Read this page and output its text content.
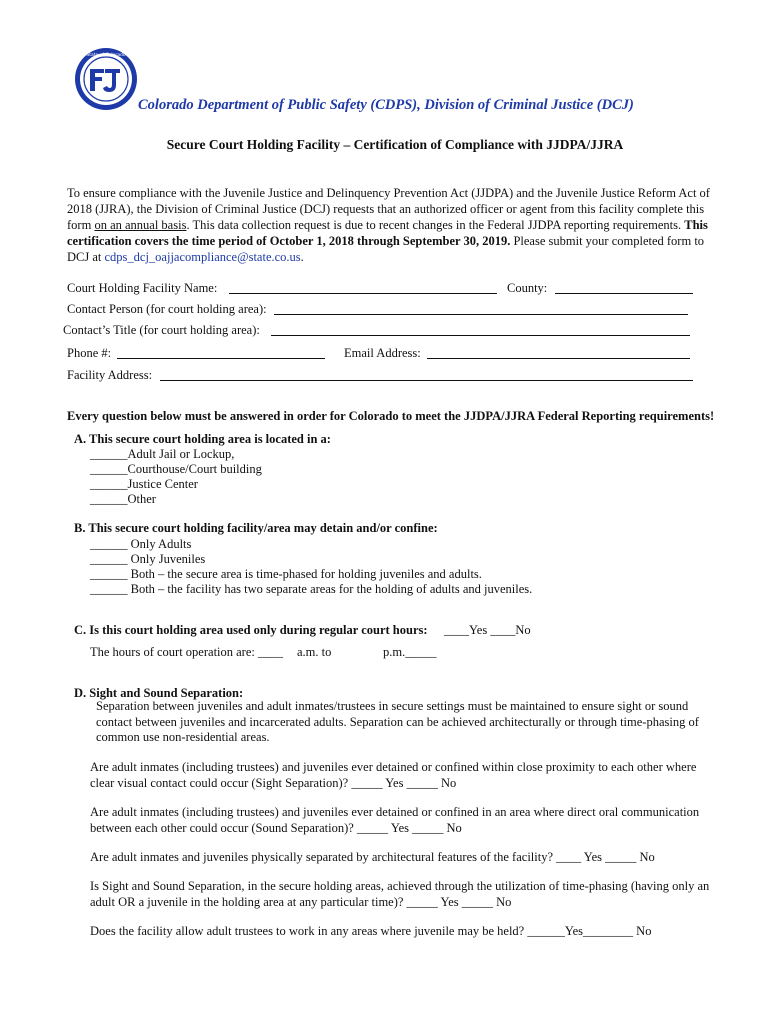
State of Colorado
Colorado Department of Public Safety (CDPS), Division of Criminal Justice (DCJ)
Secure Court Holding Facility – Certification of Compliance with JJDPA/JJRA
To ensure compliance with the Juvenile Justice and Delinquency Prevention Act (JJDPA) and the Juvenile Justice Reform Act of 2018 (JJRA), the Division of Criminal Justice (DCJ) requests that an authorized officer or agent from this facility complete this form on an annual basis. This data collection request is due to recent changes in the Federal JJDPA reporting requirements. This certification covers the time period of October 1, 2018 through September 30, 2019. Please submit your completed form to DCJ at cdps_dcj_oajjacompliance@state.co.us.
Court Holding Facility Name:	County:
Contact Person (for court holding area):
Contact’s Title (for court holding area):
Phone #:	Email Address:
Facility Address:
Every question below must be answered in order for Colorado to meet the JJDPA/JJRA Federal Reporting requirements!
A. This secure court holding area is located in a:
______Adult Jail or Lockup,
______Courthouse/Court building
______Justice Center
______Other
B. This secure court holding facility/area may detain and/or confine:
______ Only Adults
______ Only Juveniles
______ Both – the secure area is time-phased for holding juveniles and adults.
______ Both – the facility has two separate areas for the holding of adults and juveniles.
C. Is this court holding area used only during regular court hours: ____Yes ____No
The hours of court operation are: ____ a.m. to	p.m._____
D. Sight and Sound Separation:
Separation between juveniles and adult inmates/trustees in secure settings must be maintained to ensure sight or sound contact between juveniles and incarcerated adults. Separation can be achieved architecturally or through time-phasing of common use non-residential areas.
Are adult inmates (including trustees) and juveniles ever detained or confined within close proximity to each other where clear visual contact could occur (Sight Separation)? _____ Yes _____ No
Are adult inmates (including trustees) and juveniles ever detained or confined in an area where direct oral communication between each other could occur (Sound Separation)? _____ Yes _____ No
Are adult inmates and juveniles physically separated by architectural features of the facility? ____ Yes _____ No
Is Sight and Sound Separation, in the secure holding areas, achieved through the utilization of time-phasing (having only an adult OR a juvenile in the holding area at any particular time)? _____ Yes _____ No
Does the facility allow adult trustees to work in any areas where juvenile may be held? ______Yes________ No
